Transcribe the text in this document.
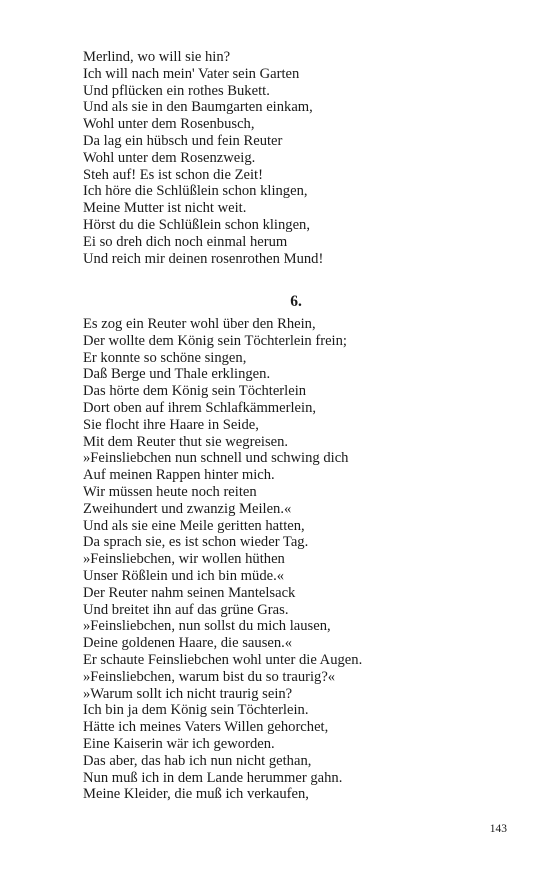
Merlind, wo will sie hin?
Ich will nach mein' Vater sein Garten
Und pflücken ein rothes Bukett.
Und als sie in den Baumgarten einkam,
Wohl unter dem Rosenbusch,
Da lag ein hübsch und fein Reuter
Wohl unter dem Rosenzweig.
Steh auf! Es ist schon die Zeit!
Ich höre die Schlüßlein schon klingen,
Meine Mutter ist nicht weit.
Hörst du die Schlüßlein schon klingen,
Ei so dreh dich noch einmal herum
Und reich mir deinen rosenrothen Mund!
6.
Es zog ein Reuter wohl über den Rhein,
Der wollte dem König sein Töchterlein frein;
Er konnte so schöne singen,
Daß Berge und Thale erklingen.
Das hörte dem König sein Töchterlein
Dort oben auf ihrem Schlafkämmerlein,
Sie flocht ihre Haare in Seide,
Mit dem Reuter thut sie wegreisen.
»Feinsliebchen nun schnell und schwing dich
Auf meinen Rappen hinter mich.
Wir müssen heute noch reiten
Zweihundert und zwanzig Meilen.«
Und als sie eine Meile geritten hatten,
Da sprach sie, es ist schon wieder Tag.
»Feinsliebchen, wir wollen hüthen
Unser Rößlein und ich bin müde.«
Der Reuter nahm seinen Mantelsack
Und breitet ihn auf das grüne Gras.
»Feinsliebchen, nun sollst du mich lausen,
Deine goldenen Haare, die sausen.«
Er schaute Feinsliebchen wohl unter die Augen.
»Feinsliebchen, warum bist du so traurig?«
»Warum sollt ich nicht traurig sein?
Ich bin ja dem König sein Töchterlein.
Hätte ich meines Vaters Willen gehorchet,
Eine Kaiserin wär ich geworden.
Das aber, das hab ich nun nicht gethan,
Nun muß ich in dem Lande herummer gahn.
Meine Kleider, die muß ich verkaufen,
143
